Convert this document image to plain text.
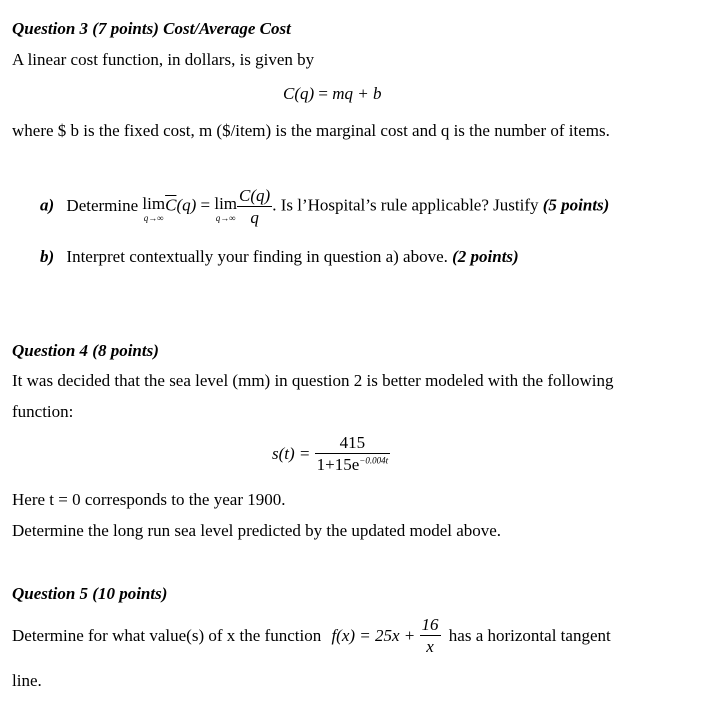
Question 3 (7 points) Cost/Average Cost
A linear cost function, in dollars, is given by
C(q) = mq + b
where $ b is the fixed cost, m ($/item) is the marginal cost and q is the number of items.
a) Determine lim
q→∞
$\overline{C}(q) = \lim$
$q\to\infty \frac{C(q)}{q}$ . Is l’Hospital’s rule applicable? Justify (5 points)
b) Interpret contextually your finding in question a) above. (2 points)
Question 4 (8 points)
It was decided that the sea level (mm) in question 2 is better modeled with the following
function:
$s(t) = \frac{415}{1+15e^{-0.004t}}$
Here t = 0 corresponds to the year 1900.
Determine the long run sea level predicted by the updated model above.
Question 5 (10 points)
Determine for what value(s) of x the function $f(x) = 25x + \frac{16}{x}$ has a horizontal tangent
line.
